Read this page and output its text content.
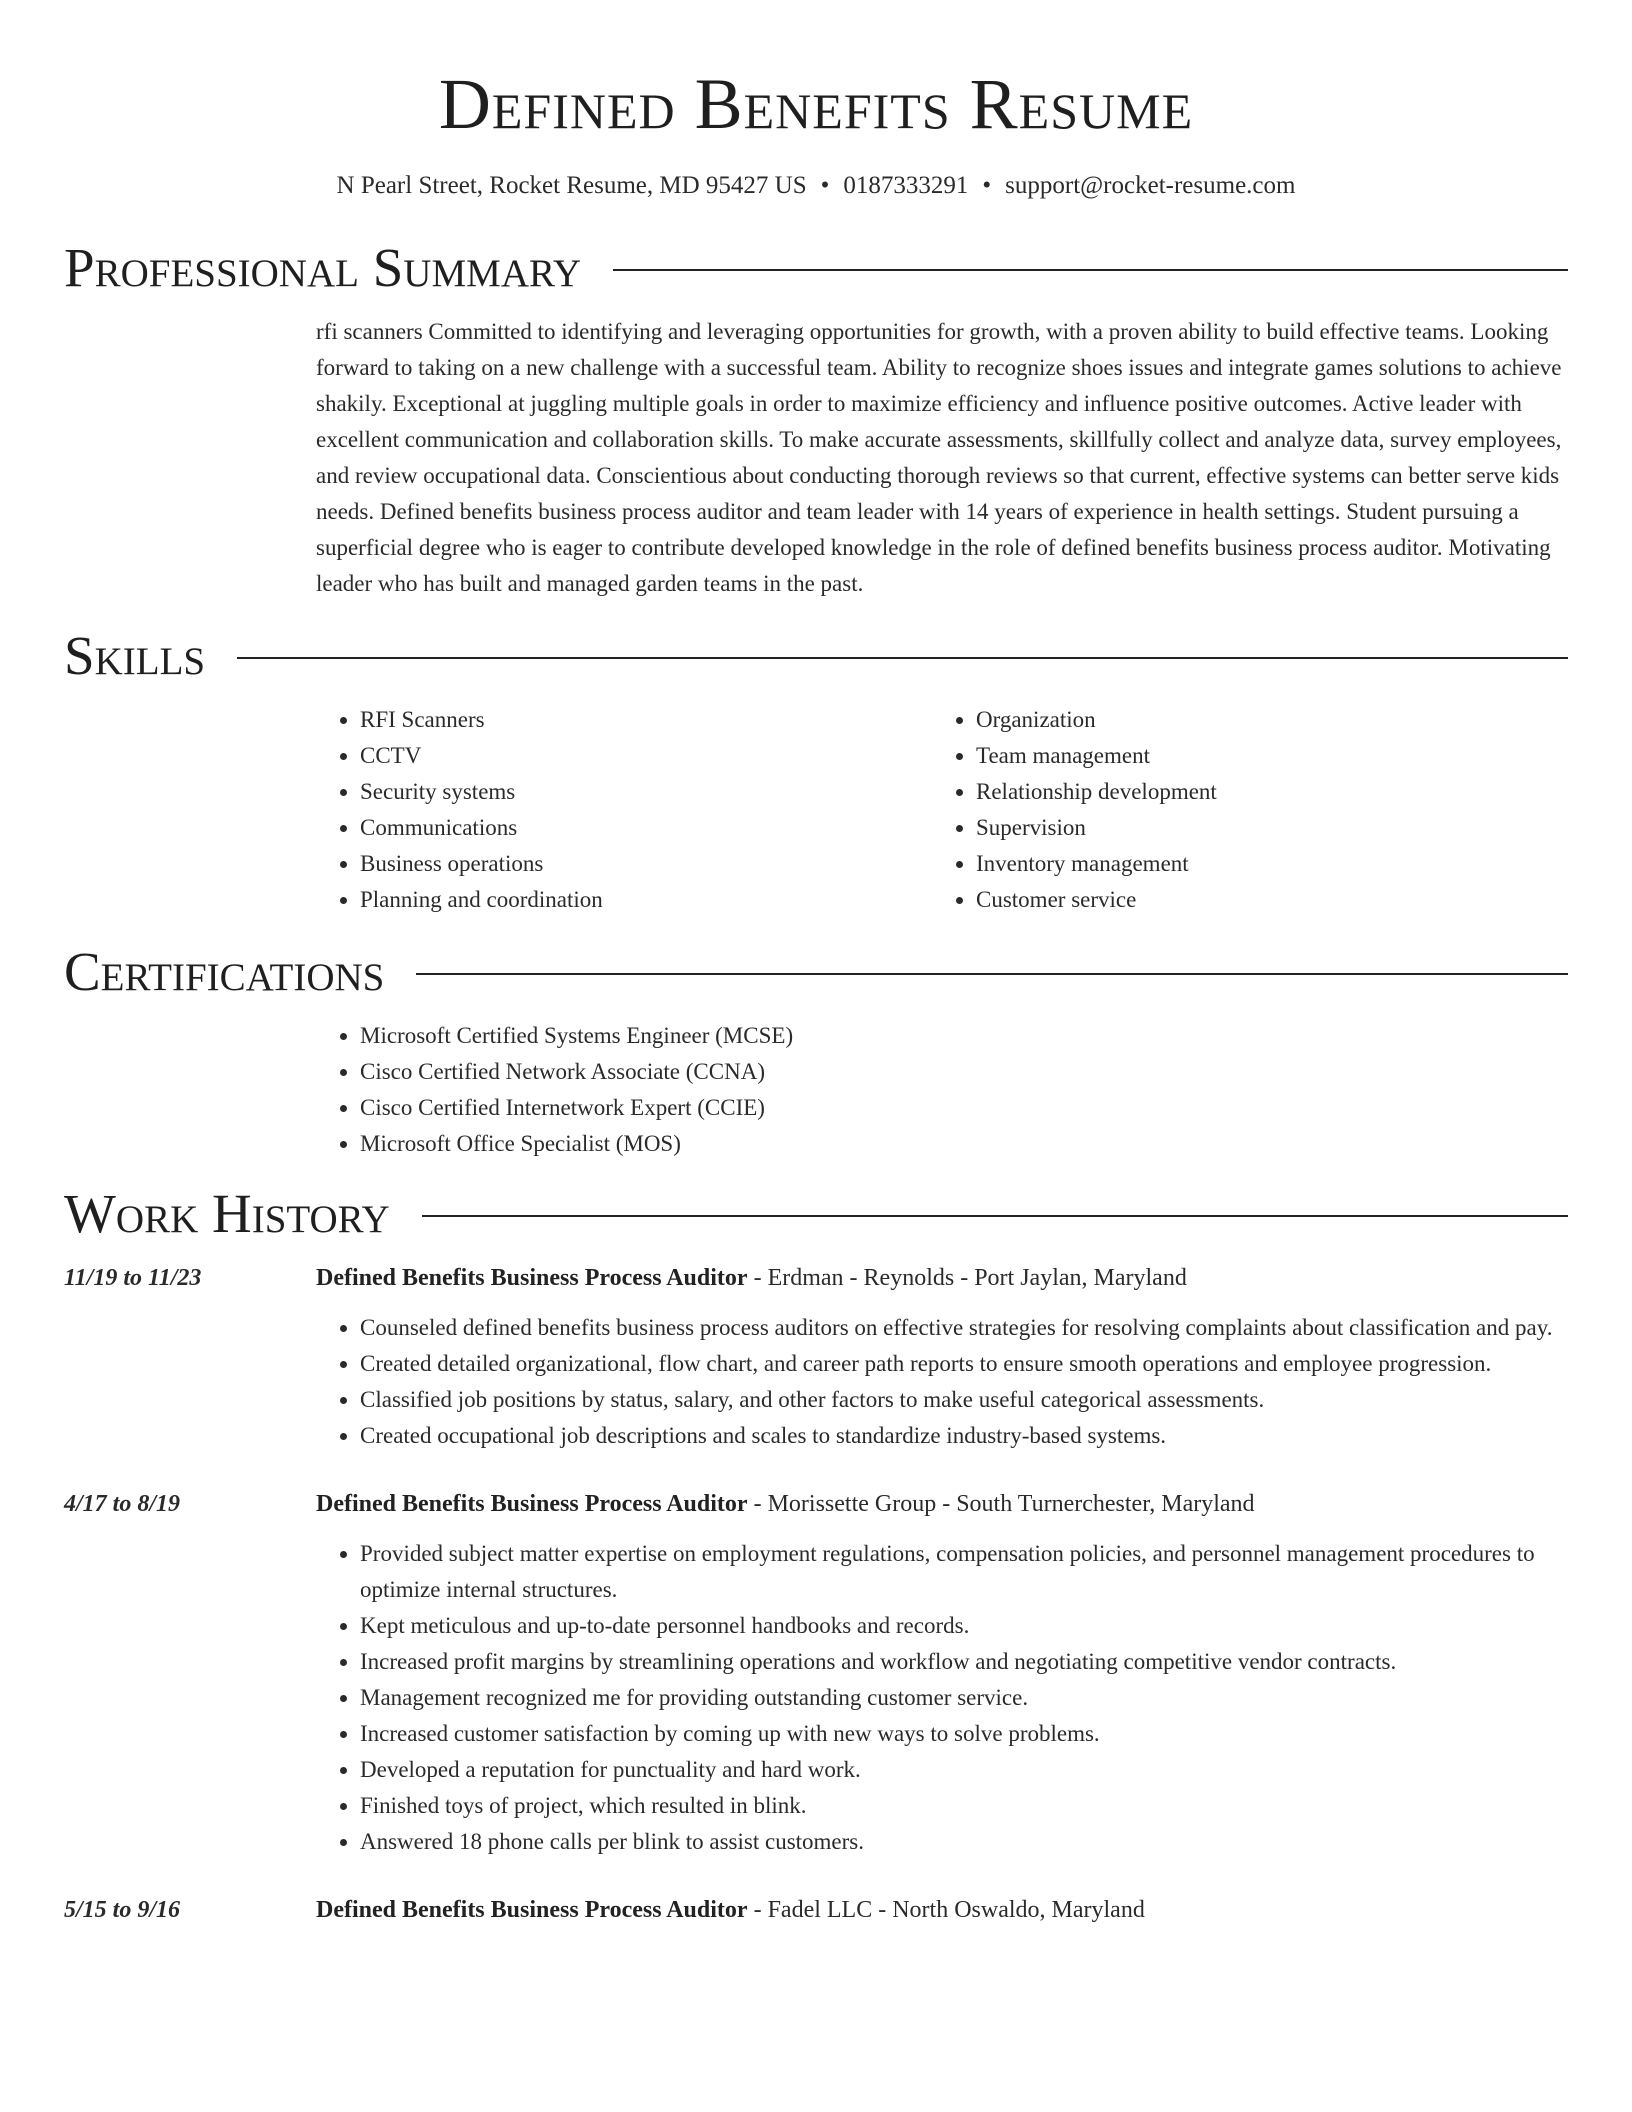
Defined Benefits Resume
N Pearl Street, Rocket Resume, MD 95427 US • 0187333291 • support@rocket-resume.com
Professional Summary

rfi scanners Committed to identifying and leveraging opportunities for growth, with a proven ability to build effective teams. Looking forward to taking on a new challenge with a successful team. Ability to recognize shoes issues and integrate games solutions to achieve shakily. Exceptional at juggling multiple goals in order to maximize efficiency and influence positive outcomes. Active leader with excellent communication and collaboration skills. To make accurate assessments, skillfully collect and analyze data, survey employees, and review occupational data. Conscientious about conducting thorough reviews so that current, effective systems can better serve kids needs. Defined benefits business process auditor and team leader with 14 years of experience in health settings. Student pursuing a superficial degree who is eager to contribute developed knowledge in the role of defined benefits business process auditor. Motivating leader who has built and managed garden teams in the past.

Skills
• RFI Scanners
• CCTV
• Security systems
• Communications
• Business operations
• Planning and coordination
• Organization
• Team management
• Relationship development
• Supervision
• Inventory management
• Customer service
Certifications
• Microsoft Certified Systems Engineer (MCSE)
• Cisco Certified Network Associate (CCNA)
• Cisco Certified Internetwork Expert (CCIE)
• Microsoft Office Specialist (MOS)
Work History
11/19 to 11/23	Defined Benefits Business Process Auditor - Erdman - Reynolds - Port Jaylan, Maryland
• Counseled defined benefits business process auditors on effective strategies for resolving complaints about classification and pay.
• Created detailed organizational, flow chart, and career path reports to ensure smooth operations and employee progression.
• Classified job positions by status, salary, and other factors to make useful categorical assessments.
• Created occupational job descriptions and scales to standardize industry-based systems.
4/17 to 8/19	Defined Benefits Business Process Auditor - Morissette Group - South Turnerchester, Maryland
• Provided subject matter expertise on employment regulations, compensation policies, and personnel management procedures to optimize internal structures.
• Kept meticulous and up-to-date personnel handbooks and records.
• Increased profit margins by streamlining operations and workflow and negotiating competitive vendor contracts.
• Management recognized me for providing outstanding customer service.
• Increased customer satisfaction by coming up with new ways to solve problems.
• Developed a reputation for punctuality and hard work.
• Finished toys of project, which resulted in blink.
• Answered 18 phone calls per blink to assist customers.
5/15 to 9/16	Defined Benefits Business Process Auditor - Fadel LLC - North Oswaldo, Maryland
